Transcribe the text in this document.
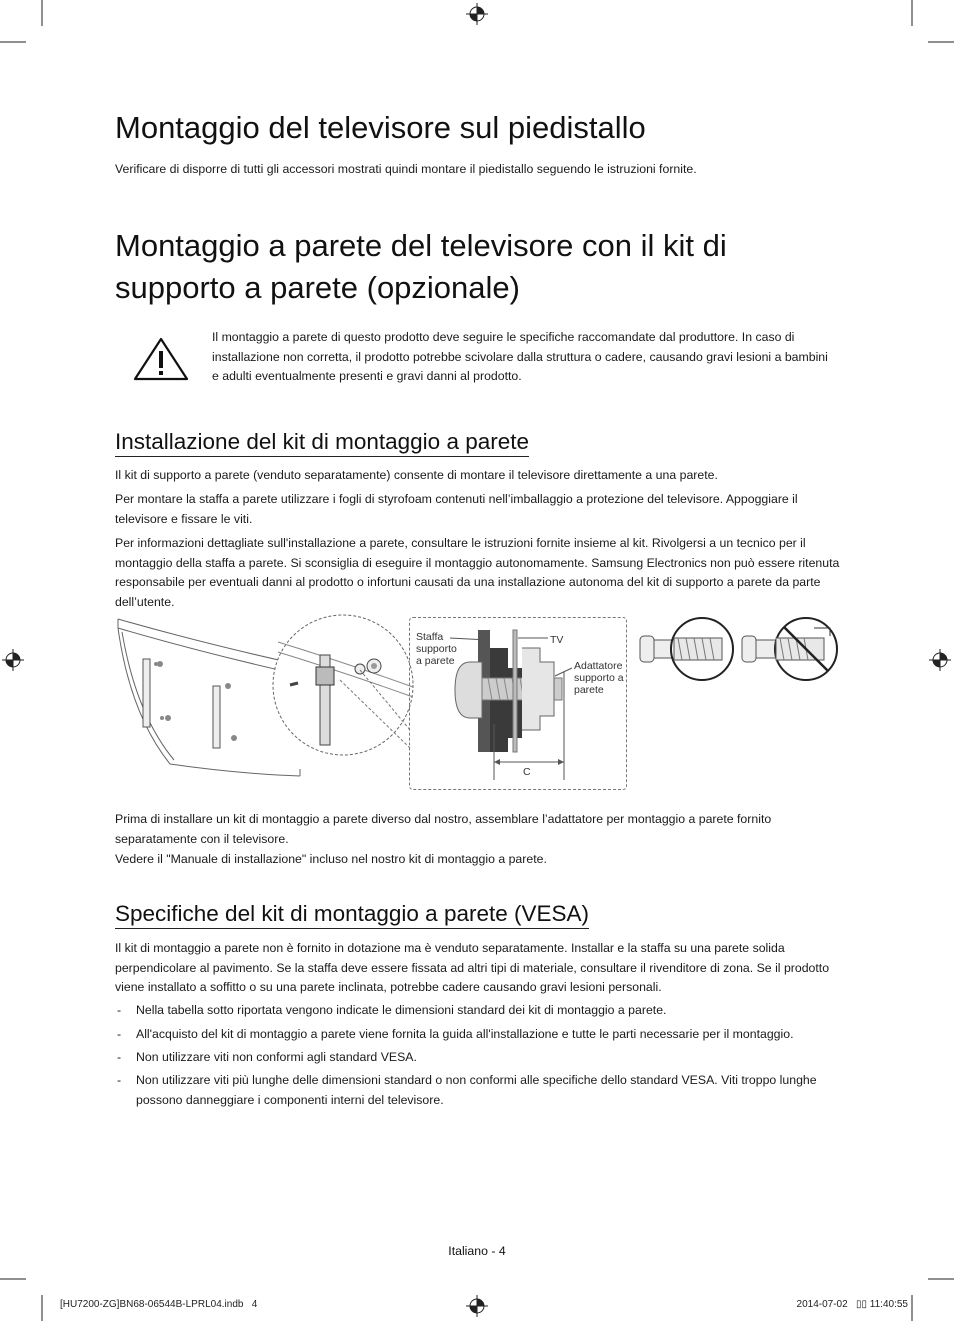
Montaggio del televisore sul piedistallo

Verificare di disporre di tutti gli accessori mostrati quindi montare il piedistallo seguendo le istruzioni fornite.

Montaggio a parete del televisore con il kit di
supporto a parete (opzionale)

Il montaggio a parete di questo prodotto deve seguire le specifiche raccomandate dal produttore. In caso di installazione non corretta, il prodotto potrebbe scivolare dalla struttura o cadere, causando gravi lesioni a bambini e adulti eventualmente presenti e gravi danni al prodotto.

Installazione del kit di montaggio a parete

Il kit di supporto a parete (venduto separatamente) consente di montare il televisore direttamente a una parete.

Per montare la staffa a parete utilizzare i fogli di styrofoam contenuti nell’imballaggio a protezione del televisore. Appoggiare il televisore e fissare le viti.

Per informazioni dettagliate sull'installazione a parete, consultare le istruzioni fornite insieme al kit. Rivolgersi a un tecnico per il montaggio della staffa a parete. Si sconsiglia di eseguire il montaggio autonomamente. Samsung Electronics non può essere ritenuta responsabile per eventuali danni al prodotto o infortuni causati da una installazione autonoma del kit di supporto a parete da parte dell’utente.

Staffa
supporto
a parete
TV
Adattatore
supporto a
parete
C

Prima di installare un kit di montaggio a parete diverso dal nostro, assemblare l’adattatore per montaggio a parete fornito separatamente con il televisore.

Vedere il "Manuale di installazione" incluso nel nostro kit di montaggio a parete.

Specifiche del kit di montaggio a parete (VESA)

Il kit di montaggio a parete non è fornito in dotazione ma è venduto separatamente. Installar e la staffa su una parete solida perpendicolare al pavimento. Se la staffa deve essere fissata ad altri tipi di materiale, consultare il rivenditore di zona. Se il prodotto viene installato a soffitto o su una parete inclinata, potrebbe cadere causando gravi lesioni personali.

- Nella tabella sotto riportata vengono indicate le dimensioni standard dei kit di montaggio a parete.
- All'acquisto del kit di montaggio a parete viene fornita la guida all'installazione e tutte le parti necessarie per il montaggio.
- Non utilizzare viti non conformi agli standard VESA.
- Non utilizzare viti più lunghe delle dimensioni standard o non conformi alle specifiche dello standard VESA. Viti troppo lunghe possono danneggiare i componenti interni del televisore.
Italiano - 4
[HU7200-ZG]BN68-06544B-LPRL04.indb   4	2014-07-02   ▯▯ 11:40:55
